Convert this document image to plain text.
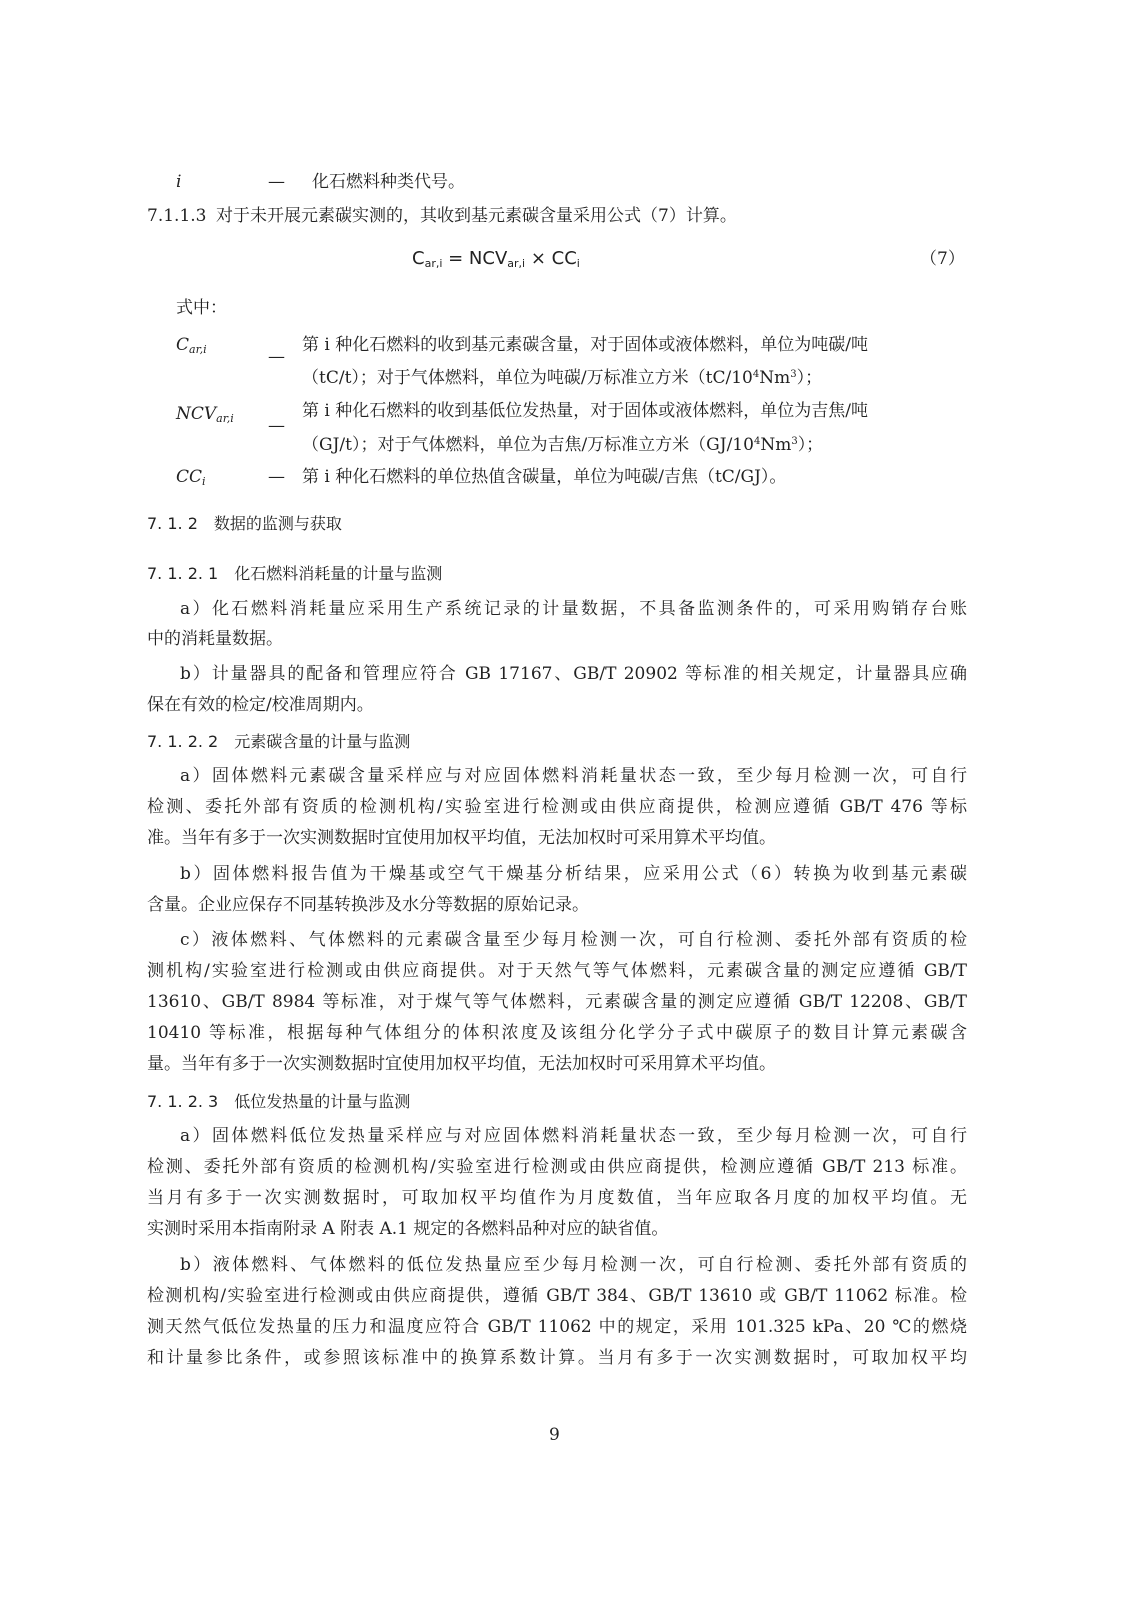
i	— 化石燃料种类代号。
7.1.1.3 对于未开展元素碳实测的，其收到基元素碳含量采用公式（7）计算。
$C_{ar,i} = NCV_{ar,i} \times CC_i$	（7）
式中：
$C_{ar,i}$	—
第 i 种化石燃料的收到基元素碳含量，对于固体或液体燃料，单位为吨碳/吨
（tC/t）；对于气体燃料，单位为吨碳/万标准立方米$(tC/10^4Nm^3)$；
$NCV_{ar,i}$ —
第 i 种化石燃料的收到基低位发热量，对于固体或液体燃料，单位为吉焦/吨
（GJ/t）；对于气体燃料，单位为吉焦/万标准立方米$(GJ/10^4Nm^3)$；
$CC_i$	— 第 i 种化石燃料的单位热值含碳量，单位为吨碳/吉焦（tC/GJ）。
7. 1. 2　数据的监测与获取
7. 1. 2. 1　化石燃料消耗量的计量与监测
a）化石燃料消耗量应采用生产系统记录的计量数据，不具备监测条件的，可采用购销存台账
中的消耗量数据。
b）计量器具的配备和管理应符合 GB 17167、GB/T 20902 等标准的相关规定，计量器具应确
保在有效的检定/校准周期内。
7. 1. 2. 2　元素碳含量的计量与监测
a）固体燃料元素碳含量采样应与对应固体燃料消耗量状态一致，至少每月检测一次，可自行
检测、委托外部有资质的检测机构/实验室进行检测或由供应商提供，检测应遵循 GB/T 476 等标
准。当年有多于一次实测数据时宜使用加权平均值，无法加权时可采用算术平均值。
b）固体燃料报告值为干燥基或空气干燥基分析结果，应采用公式（6）转换为收到基元素碳
含量。企业应保存不同基转换涉及水分等数据的原始记录。
c）液体燃料、气体燃料的元素碳含量至少每月检测一次，可自行检测、委托外部有资质的检
测机构/实验室进行检测或由供应商提供。对于天然气等气体燃料，元素碳含量的测定应遵循 GB/T
13610、GB/T 8984 等标准，对于煤气等气体燃料，元素碳含量的测定应遵循 GB/T 12208、GB/T
10410 等标准，根据每种气体组分的体积浓度及该组分化学分子式中碳原子的数目计算元素碳含
量。当年有多于一次实测数据时宜使用加权平均值，无法加权时可采用算术平均值。
7. 1. 2. 3　低位发热量的计量与监测
a）固体燃料低位发热量采样应与对应固体燃料消耗量状态一致，至少每月检测一次，可自行
检测、委托外部有资质的检测机构/实验室进行检测或由供应商提供，检测应遵循 GB/T 213 标准。
当月有多于一次实测数据时，可取加权平均值作为月度数值，当年应取各月度的加权平均值。无
实测时采用本指南附录 A 附表 A.1 规定的各燃料品种对应的缺省值。
b）液体燃料、气体燃料的低位发热量应至少每月检测一次，可自行检测、委托外部有资质的
检测机构/实验室进行检测或由供应商提供，遵循 GB/T 384、GB/T 13610 或 GB/T 11062 标准。检
测天然气低位发热量的压力和温度应符合 GB/T 11062 中的规定，采用 101.325 kPa、20 ℃的燃烧
和计量参比条件，或参照该标准中的换算系数计算。当月有多于一次实测数据时，可取加权平均
9
